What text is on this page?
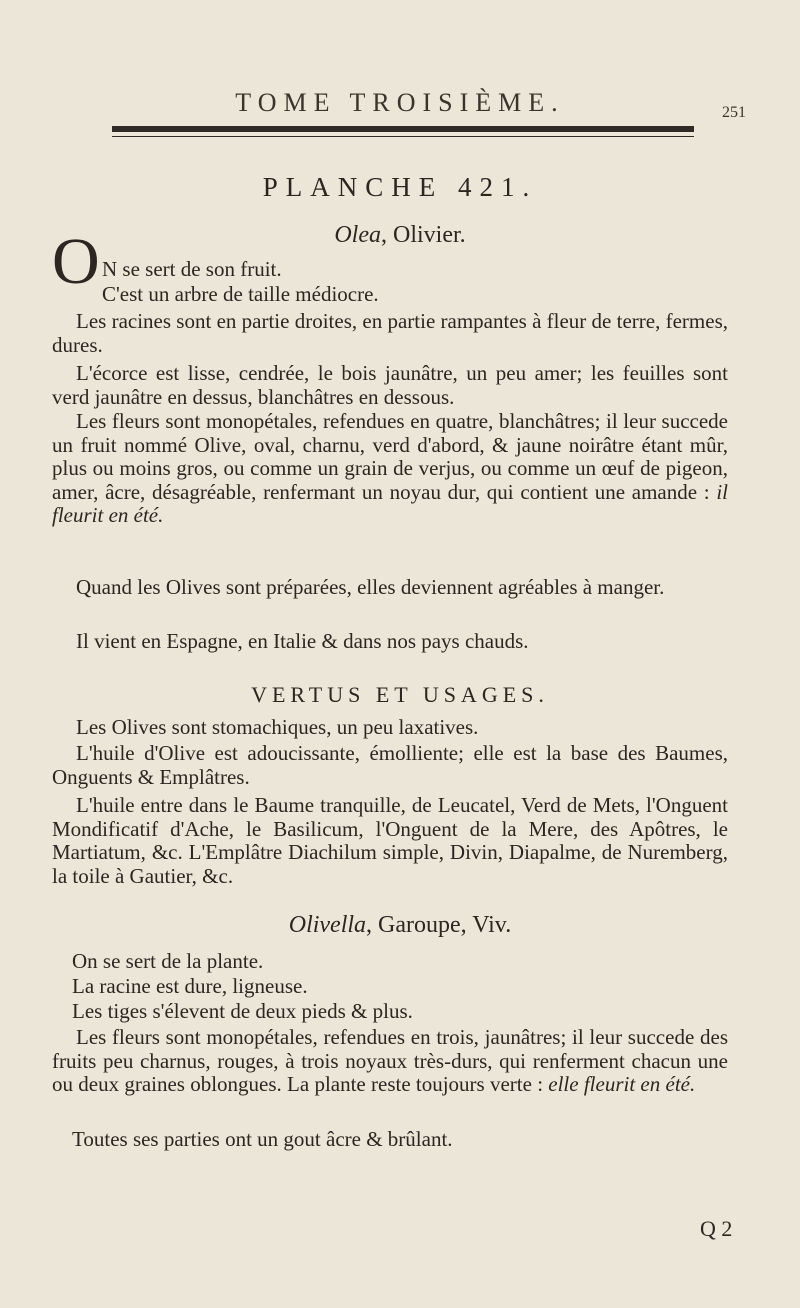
TOME TROISIÈME.	251
PLANCHE 421.
Olea, Olivier.
O N se sert de son fruit.
C'est un arbre de taille médiocre.
Les racines sont en partie droites, en partie rampantes à fleur de terre, fermes, dures.
L'écorce est lisse, cendrée, le bois jaunâtre, un peu amer; les feuilles sont verd jaunâtre en dessus, blanchâtres en dessous.
Les fleurs sont monopétales, refendues en quatre, blanchâtres; il leur succede un fruit nommé Olive, oval, charnu, verd d'abord, & jaune noirâtre étant mûr, plus ou moins gros, ou comme un grain de verjus, ou comme un œuf de pigeon, amer, âcre, désagréable, renfermant un noyau dur, qui contient une amande : il fleurit en été.
Quand les Olives sont préparées, elles deviennent agréables à manger.
Il vient en Espagne, en Italie & dans nos pays chauds.
VERTUS ET USAGES.
Les Olives sont stomachiques, un peu laxatives.
L'huile d'Olive est adoucissante, émolliente; elle est la base des Baumes, Onguents & Emplâtres.
L'huile entre dans le Baume tranquille, de Leucatel, Verd de Mets, l'Onguent Mondificatif d'Ache, le Basilicum, l'Onguent de la Mere, des Apôtres, le Martiatum, &c. L'Emplâtre Diachilum simple, Divin, Diapalme, de Nuremberg, la toile à Gautier, &c.
Olivella, Garoupe, Viv.
On se sert de la plante.
La racine est dure, ligneuse.
Les tiges s'élevent de deux pieds & plus.
Les fleurs sont monopétales, refendues en trois, jaunâtres; il leur succede des fruits peu charnus, rouges, à trois noyaux très-durs, qui renferment chacun une ou deux graines oblongues. La plante reste toujours verte : elle fleurit en été.
Toutes ses parties ont un gout âcre & brûlant.
Q 2
